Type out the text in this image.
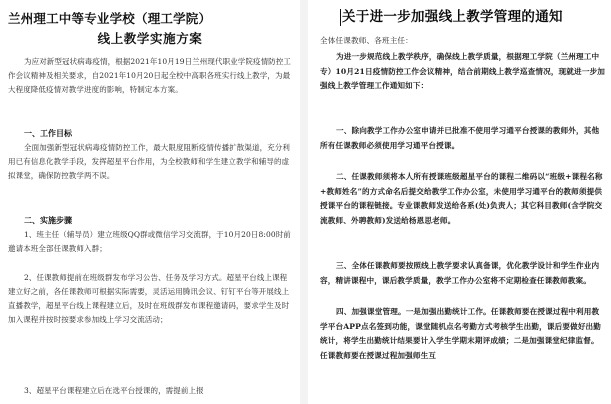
兰州理工中等专业学校（理工学院）
线上教学实施方案
为应对新型冠状病毒疫情，根据2021年10月19日兰州现代职业学院疫情防控工作会议精神及相关要求，自2021年10月20日起全校中高职各班实行线上教学，为最大程度降低疫情对教学进度的影响，特制定本方案。
一、工作目标
全面加强新型冠状病毒疫情防控工作，最大限度阻断疫情传播扩散渠道，充分利用已有信息化教学手段，发挥超星平台作用，为全校教师和学生建立教学和辅导的虚拟课堂，确保防控教学两不误。
二、实施步骤
1、班主任（辅导员）建立班级QQ群或微信学习交流群，于10月20日8:00时前邀请本班全部任课教师入群；
2、任课教师提前在班级群发布学习公告、任务及学习方式。超星平台线上课程建立好之前，各任课教师可根据实际需要，灵活运用腾讯会议、钉钉平台等开展线上直播教学，超星平台线上课程建立后，及时在班级群发布课程邀请码，要求学生及时加入课程并按时按要求参加线上学习交流活动；
3、超星平台课程建立后在选平台授课的，需提前上报
关于进一步加强线上教学管理的通知
全体任课教师、各班主任：
为进一步规范线上教学秩序，确保线上教学质量，根据理工学院（兰州理工中专）10月21日疫情防控工作会议精神，结合前期线上教学巡查情况，现就进一步加强线上教学管理工作通知如下：
一、除向教学工作办公室申请并已批准不使用学习通平台授课的教师外，其他所有任课教师必须使用学习通平台授课。
二、任课教师须将本人所有授课班级超星平台的课程二维码以“班级+课程名称+教师姓名”的方式命名后提交给教学工作办公室，未使用学习通平台的教师须提供授课平台的课程链接。专业课教师发送给各系(处)负责人；其它科目教师(含学院交流教师、外聘教师)发送给杨恩思老师。
三、全体任课教师要按照线上教学要求认真备课，优化教学设计和学生作业内容，精讲课程中，课后教学质量，教学工作办公室将不定期检查任课教师教案。
四、加强课堂管理。一是加强出勤统计工作。任课教师要在授课过程中利用教学平台APP点名签到功能，课堂随机点名考勤方式考核学生出勤，课后要做好出勤统计，将学生出勤统计结果要计入学生学期末期评成绩；二是加强课堂纪律监督。任课教师要在授课过程加强师生互
